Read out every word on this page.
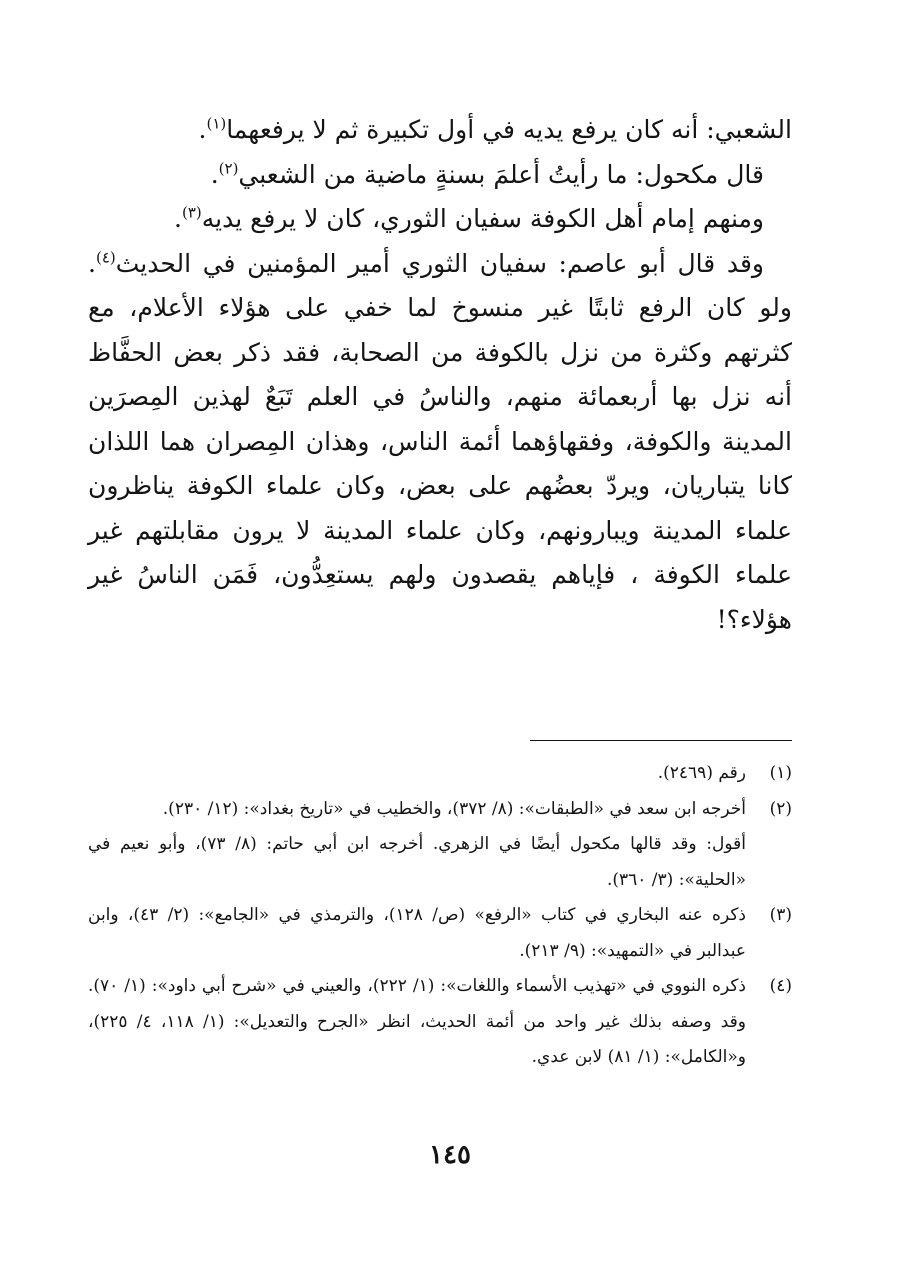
الشعبي: أنه كان يرفع يديه في أول تكبيرة ثم لا يرفعهما$^{(١)}$.

قال مكحول: ما رأيتُ أعلمَ بسنةٍ ماضية من الشعبي$^{(٢)}$.

ومنهم إمام أهل الكوفة سفيان الثوري، كان لا يرفع يديه$^{(٣)}$.

وقد قال أبو عاصم: سفيان الثوري أمير المؤمنين في الحديث$^{(٤)}$. ولو كان الرفع ثابتًا غير منسوخ لما خفي على هؤلاء الأعلام، مع كثرتهم وكثرة من نزل بالكوفة من الصحابة، فقد ذكر بعض الحفَّاظ أنه نزل بها أربعمائة منهم، والناسُ في العلم تَبَعٌ لهذين المِصرَين المدينة والكوفة، وفقهاؤهما أئمة الناس، وهذان المِصران هما اللذان كانا يتباريان، ويردّ بعضُهم على بعض، وكان علماء الكوفة يناظرون علماء المدينة ويبارونهم، وكان علماء المدينة لا يرون مقابلتهم غير علماء الكوفة ، فإياهم يقصدون ولهم يستعِدُّون، فَمَن الناسُ غير هؤلاء؟!

(١)
رقم (٢٤٦٩).
(٢)
أخرجه ابن سعد في «الطبقات»: (٨/ ٣٧٢)، والخطيب في «تاريخ بغداد»: (١٢/ ٢٣٠).
أقول: وقد قالها مكحول أيضًا في الزهري. أخرجه ابن أبي حاتم: (٨/ ٧٣)، وأبو نعيم في «الحلية»: (٣/ ٣٦٠).
(٣)
ذكره عنه البخاري في كتاب «الرفع» (ص/ ١٢٨)، والترمذي في «الجامع»: (٢/ ٤٣)، وابن عبدالبر في «التمهيد»: (٩/ ٢١٣).
(٤)
ذكره النووي في «تهذيب الأسماء واللغات»: (١/ ٢٢٢)، والعيني في «شرح أبي داود»: (١/ ٧٠). وقد وصفه بذلك غير واحد من أئمة الحديث، انظر «الجرح والتعديل»: (١/ ١١٨، ٤/ ٢٢٥)، و«الكامل»: (١/ ٨١) لابن عدي.
١٤٥
